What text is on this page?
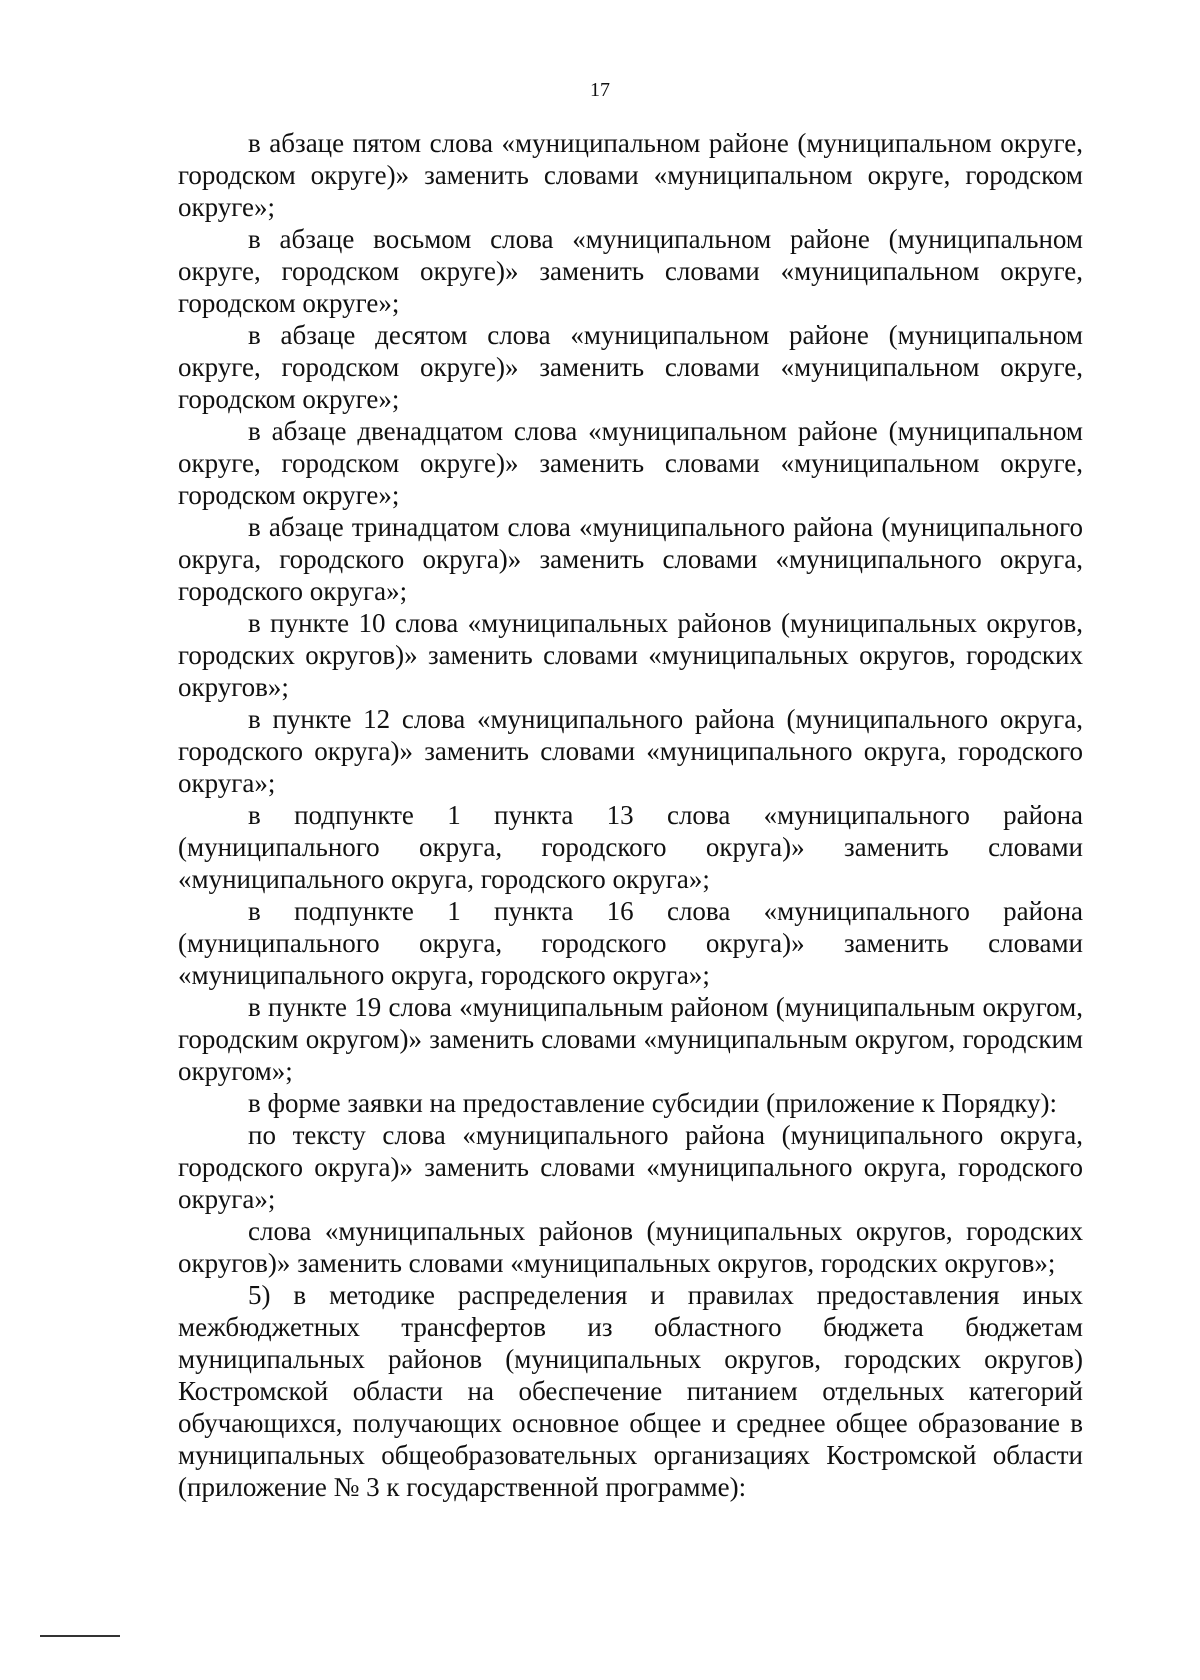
17

в абзаце пятом слова «муниципальном районе (муниципальном округе, городском округе)» заменить словами «муниципальном округе, городском округе»;

в абзаце восьмом слова «муниципальном районе (муниципальном округе, городском округе)» заменить словами «муниципальном округе, городском округе»;

в абзаце десятом слова «муниципальном районе (муниципальном округе, городском округе)» заменить словами «муниципальном округе, городском округе»;

в абзаце двенадцатом слова «муниципальном районе (муниципальном округе, городском округе)» заменить словами «муниципальном округе, городском округе»;

в абзаце тринадцатом слова «муниципального района (муниципального округа, городского округа)» заменить словами «муниципального округа, городского округа»;

в пункте 10 слова «муниципальных районов (муниципальных округов, городских округов)» заменить словами «муниципальных округов, городских округов»;

в пункте 12 слова «муниципального района (муниципального округа, городского округа)» заменить словами «муниципального округа, городского округа»;

в подпункте 1 пункта 13 слова «муниципального района (муниципального округа, городского округа)» заменить словами «муниципального округа, городского округа»;

в подпункте 1 пункта 16 слова «муниципального района (муниципального округа, городского округа)» заменить словами «муниципального округа, городского округа»;

в пункте 19 слова «муниципальным районом (муниципальным округом, городским округом)» заменить словами «муниципальным округом, городским округом»;

в форме заявки на предоставление субсидии (приложение к Порядку):

по тексту слова «муниципального района (муниципального округа, городского округа)» заменить словами «муниципального округа, городского округа»;

слова «муниципальных районов (муниципальных округов, городских округов)» заменить словами «муниципальных округов, городских округов»;

5) в методике распределения и правилах предоставления иных межбюджетных трансфертов из областного бюджета бюджетам муниципальных районов (муниципальных округов, городских округов) Костромской области на обеспечение питанием отдельных категорий обучающихся, получающих основное общее и среднее общее образование в муниципальных общеобразовательных организациях Костромской области (приложение № 3 к государственной программе):
